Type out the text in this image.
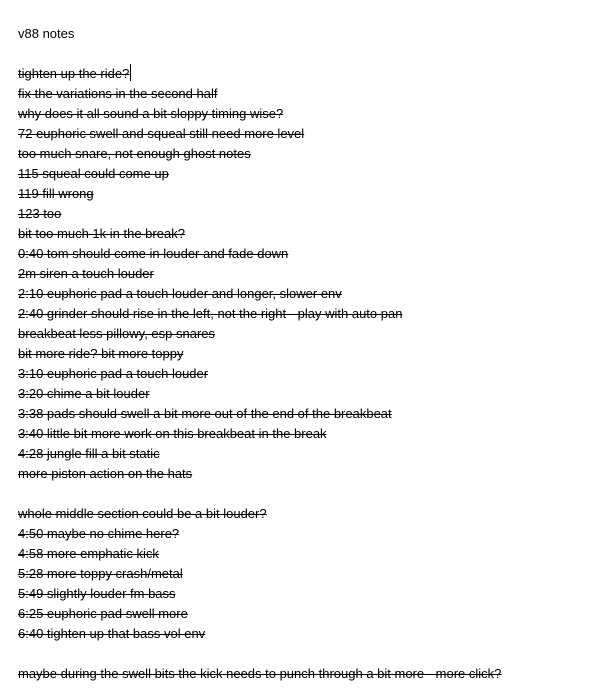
v88 notes
tighten up the ride?
fix the variations in the second half
why does it all sound a bit sloppy timing wise?
72 euphoric swell and squeal still need more level
too much snare, not enough ghost notes
115 squeal could come up
119 fill wrong
123 too
bit too much 1k in the break?
0:40 tom should come in louder and fade down
2m siren a touch louder
2:10 euphoric pad a touch louder and longer, slower env
2:40 grinder should rise in the left, not the right - play with auto pan
breakbeat less pillowy, esp snares
bit more ride? bit more toppy
3:10 euphoric pad a touch louder
3:20 chime a bit louder
3:38 pads should swell a bit more out of the end of the breakbeat
3:40 little bit more work on this breakbeat in the break
4:28 jungle fill a bit static
more piston action on the hats
whole middle section could be a bit louder?
4:50 maybe no chime here?
4:58 more emphatic kick
5:28 more toppy crash/metal
5:49 slightly louder fm bass
6:25 euphoric pad swell more
6:40 tighten up that bass vol env
maybe during the swell bits the kick needs to punch through a bit more - more click?
